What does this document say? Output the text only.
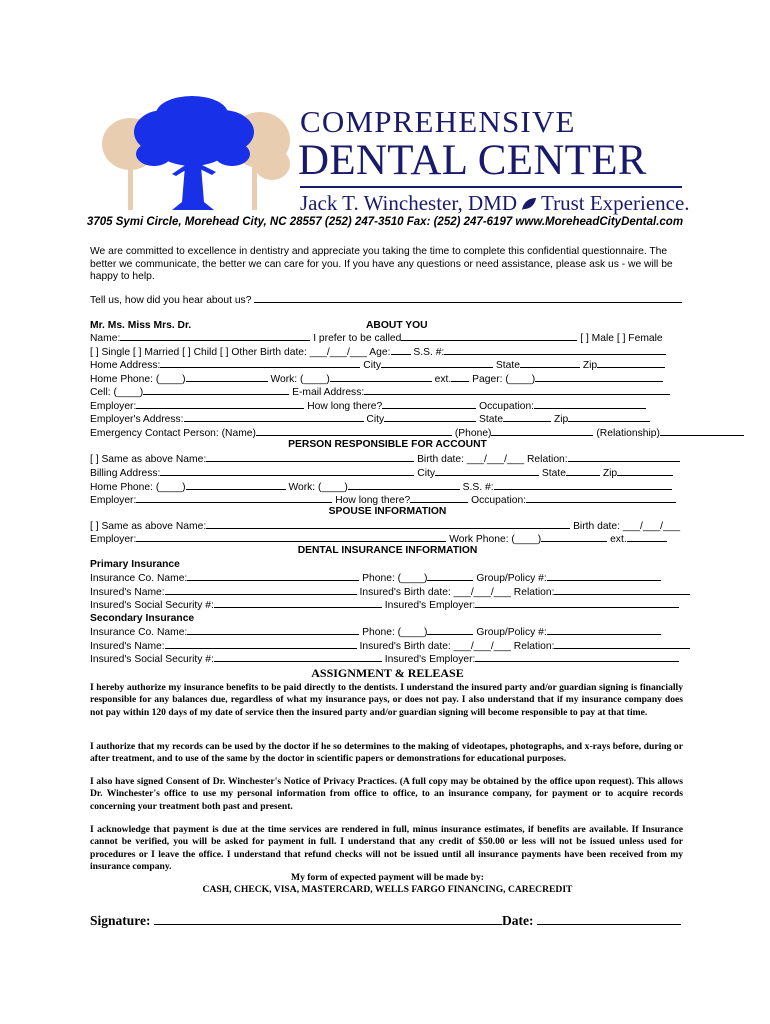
COMPREHENSIVE
DENTAL CENTER
Jack T. Winchester, DMD Trust Experience.
3705 Symi Circle, Morehead City, NC 28557 (252) 247-3510 Fax: (252) 247-6197 www.MoreheadCityDental.com
We are committed to excellence in dentistry and appreciate you taking the time to complete this confidential questionnaire. The better we communicate, the better we can care for you. If you have any questions or need assistance, please ask us - we will be happy to help.
Tell us, how did you hear about us?
Mr. Ms. Miss Mrs. Dr.	ABOUT YOU
Name:	I prefer to be called	[ ] Male [ ] Female
[ ] Single [ ] Married [ ] Child [ ] Other Birth date: ___/___/___ Age: S.S. #:
Home Address:	City	State	Zip
Home Phone: (____)	Work: (____)	ext. Pager: (____)
Cell: (____)	E-mail Address:
Employer:	How long there?	Occupation:
Employer's Address:	City	State	Zip
Emergency Contact Person: (Name)	(Phone)	(Relationship)
PERSON RESPONSIBLE FOR ACCOUNT
[ ] Same as above Name:	Birth date: ___/___/___ Relation:
Billing Address:	City	State	Zip
Home Phone: (____)	Work: (____)	S.S. #:
Employer:	How long there?	Occupation:
SPOUSE INFORMATION
[ ] Same as above Name:	Birth date: ___/___/___
Employer:	Work Phone: (____)	ext.
DENTAL INSURANCE INFORMATION
Primary Insurance
Insurance Co. Name:	Phone: (____)	Group/Policy #:
Insured's Name:	Insured's Birth date: ___/___/___ Relation:
Insured's Social Security #:	Insured's Employer:
Secondary Insurance
Insurance Co. Name:	Phone: (____)	Group/Policy #:
Insured's Name:	Insured's Birth date: ___/___/___ Relation:
Insured's Social Security #:	Insured's Employer:
ASSIGNMENT & RELEASE
I hereby authorize my insurance benefits to be paid directly to the dentists. I understand the insured party and/or guardian signing is financially responsible for any balances due, regardless of what my insurance pays, or does not pay. I also understand that if my insurance company does not pay within 120 days of my date of service then the insured party and/or guardian signing will become responsible to pay at that time.
I authorize that my records can be used by the doctor if he so determines to the making of videotapes, photographs, and x-rays before, during or after treatment, and to use of the same by the doctor in scientific papers or demonstrations for educational purposes.
I also have signed Consent of Dr. Winchester's Notice of Privacy Practices. (A full copy may be obtained by the office upon request). This allows Dr. Winchester's office to use my personal information from office to office, to an insurance company, for payment or to acquire records concerning your treatment both past and present.
I acknowledge that payment is due at the time services are rendered in full, minus insurance estimates, if benefits are available. If Insurance cannot be verified, you will be asked for payment in full. I understand that any credit of $50.00 or less will not be issued unless used for procedures or I leave the office. I understand that refund checks will not be issued until all insurance payments have been received from my insurance company.
My form of expected payment will be made by:
CASH, CHECK, VISA, MASTERCARD, WELLS FARGO FINANCING, CARECREDIT
Signature:	Date:
